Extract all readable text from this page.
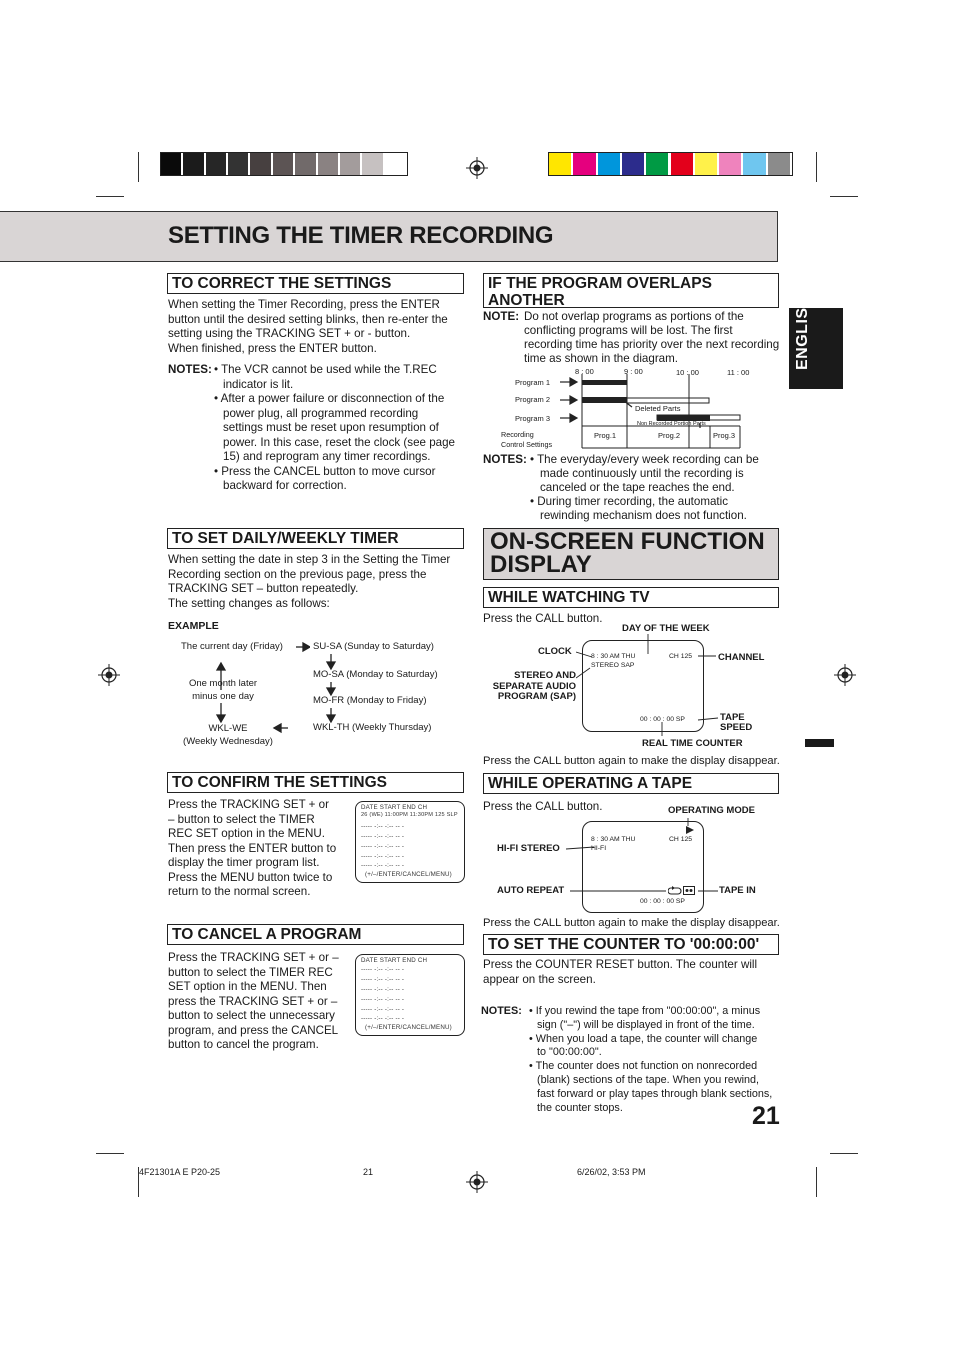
SETTING THE TIMER RECORDING
ENGLISH
TO CORRECT THE SETTINGS
When setting the Timer Recording, press the ENTER
button until the desired setting blinks, then re-enter the
setting using the TRACKING SET + or - button.
When finished, press the ENTER button.
NOTES: • The VCR cannot be used while the T.REC
indicator is lit.
• After a power failure or disconnection of the
power plug, all programmed recording
settings must be reset upon resumption of
power. In this case, reset the clock (see page
15) and reprogram any timer recordings.
• Press the CANCEL button to move cursor
backward for correction.
TO SET DAILY/WEEKLY TIMER
When setting the date in step 3 in the Setting the Timer
Recording section on the previous page, press the
TRACKING SET – button repeatedly.
The setting changes as follows:
EXAMPLE
The current day (Friday)	SU-SA (Sunday to Saturday)
MO-SA (Monday to Saturday)
MO-FR (Monday to Friday)
WKL-TH (Weekly Thursday)
One month later
minus one day
WKL-WE
(Weekly Wednesday)
TO CONFIRM THE SETTINGS
Press the TRACKING SET + or
– button to select the TIMER
REC SET option in the MENU.
Then press the ENTER button to
display the timer program list.
Press the MENU button twice to
return to the normal screen.
DATE START END CH
26 (WE) 11:00PM 11:30PM 125 SLP
----- -:-- -:-- -- -
----- -:-- -:-- -- -
----- -:-- -:-- -- -
----- -:-- -:-- -- -
----- -:-- -:-- -- -
(+/–/ENTER/CANCEL/MENU)
TO CANCEL A PROGRAM
Press the TRACKING SET + or –
button to select the TIMER REC
SET option in the MENU. Then
press the TRACKING SET + or –
button to select the unnecessary
program, and press the CANCEL
button to cancel the program.
DATE START END CH
----- -:-- -:-- -- -
----- -:-- -:-- -- -
----- -:-- -:-- -- -
----- -:-- -:-- -- -
----- -:-- -:-- -- -
----- -:-- -:-- -- -
(+/–/ENTER/CANCEL/MENU)
IF THE PROGRAM OVERLAPS
ANOTHER
NOTE: Do not overlap programs as portions of the
conflicting programs will be lost. The first
recording time has priority over the next recording
time as shown in the diagram.
8 : 00	9 : 00	10 : 00	11 : 00
Program 1
Program 2
Program 3
Recording
Control Settings
Deleted Parts
Non Recorded Portion Parts
Prog.1	Prog.2	Prog.3
NOTES: • The everyday/every week recording can be
made continuously until the recording is
canceled or the tape reaches the end.
• During timer recording, the automatic
rewinding mechanism does not function.
ON-SCREEN FUNCTION
DISPLAY
WHILE WATCHING TV
Press the CALL button.
DAY OF THE WEEK
CLOCK
CHANNEL
STEREO AND
SEPARATE AUDIO
PROGRAM (SAP)
TAPE
SPEED
REAL TIME COUNTER
8 : 30 AM THU	CH 125
STEREO SAP
00 : 00 : 00 SP
Press the CALL button again to make the display disappear.
WHILE OPERATING A TAPE
Press the CALL button.	OPERATING MODE
HI-FI STEREO
AUTO REPEAT	TAPE IN
8 : 30 AM THU	CH 125
HI-FI
00 : 00 : 00 SP
Press the CALL button again to make the display disappear.
TO SET THE COUNTER TO '00:00:00'
Press the COUNTER RESET button. The counter will
appear on the screen.
NOTES: • If you rewind the tape from "00:00:00", a minus
sign ("–") will be displayed in front of the time.
• When you load a tape, the counter will change
to "00:00:00".
• The counter does not function on nonrecorded
(blank) sections of the tape. When you rewind,
fast forward or play tapes through blank sections,
the counter stops.	21
4F21301A E P20-25	21	6/26/02, 3:53 PM
